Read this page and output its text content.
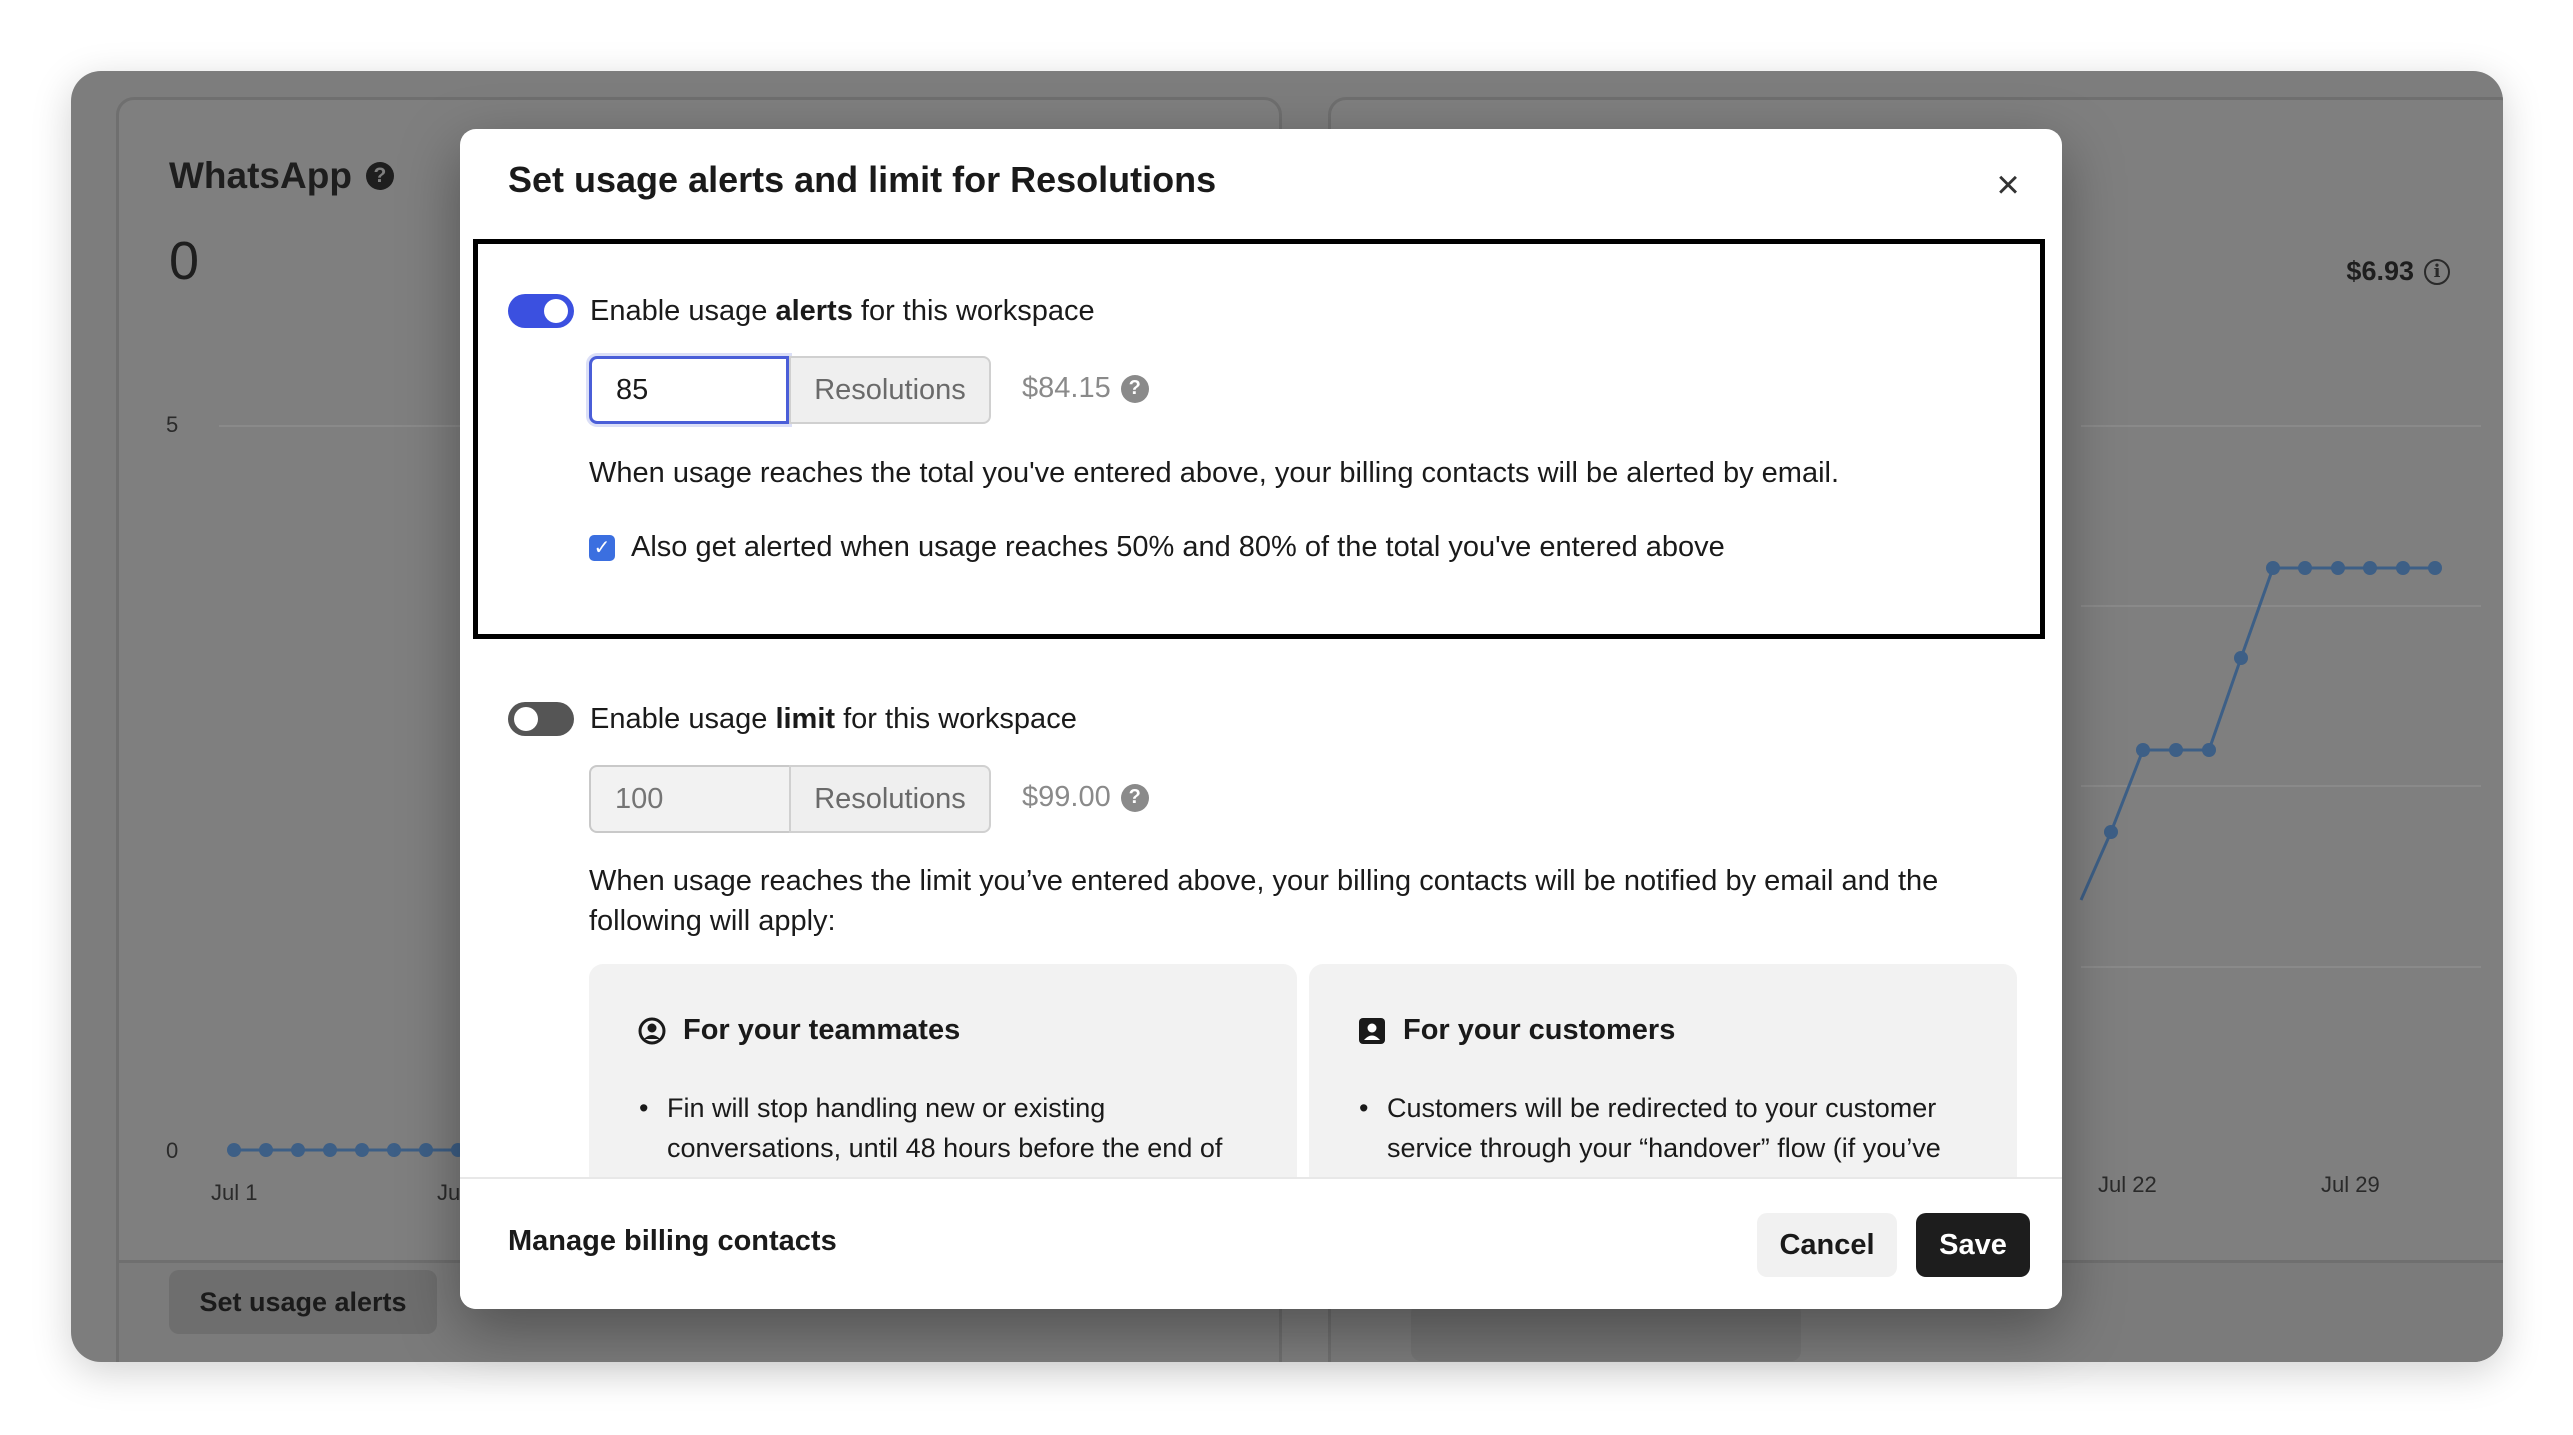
WhatsApp	?
0
5
0
Jul 1	Ju
Set usage alerts
$6.93	i
Jul 22	Jul 29
Set usage alerts and limit for Resolutions	×
Enable usage alerts for this workspace
85
Resolutions	$84.15 ?
When usage reaches the total you've entered above, your billing contacts will be alerted by email.
✓ Also get alerted when usage reaches 50% and 80% of the total you've entered above
Enable usage limit for this workspace
100
Resolutions	$99.00 ?
When usage reaches the limit you’ve entered above, your billing contacts will be notified by email and the following will apply:
For your teammates
• Fin will stop handling new or existing conversations, until 48 hours before the end of
For your customers
• Customers will be redirected to your customer service through your “handover” flow (if you’ve
Manage billing contacts	Cancel	Save
